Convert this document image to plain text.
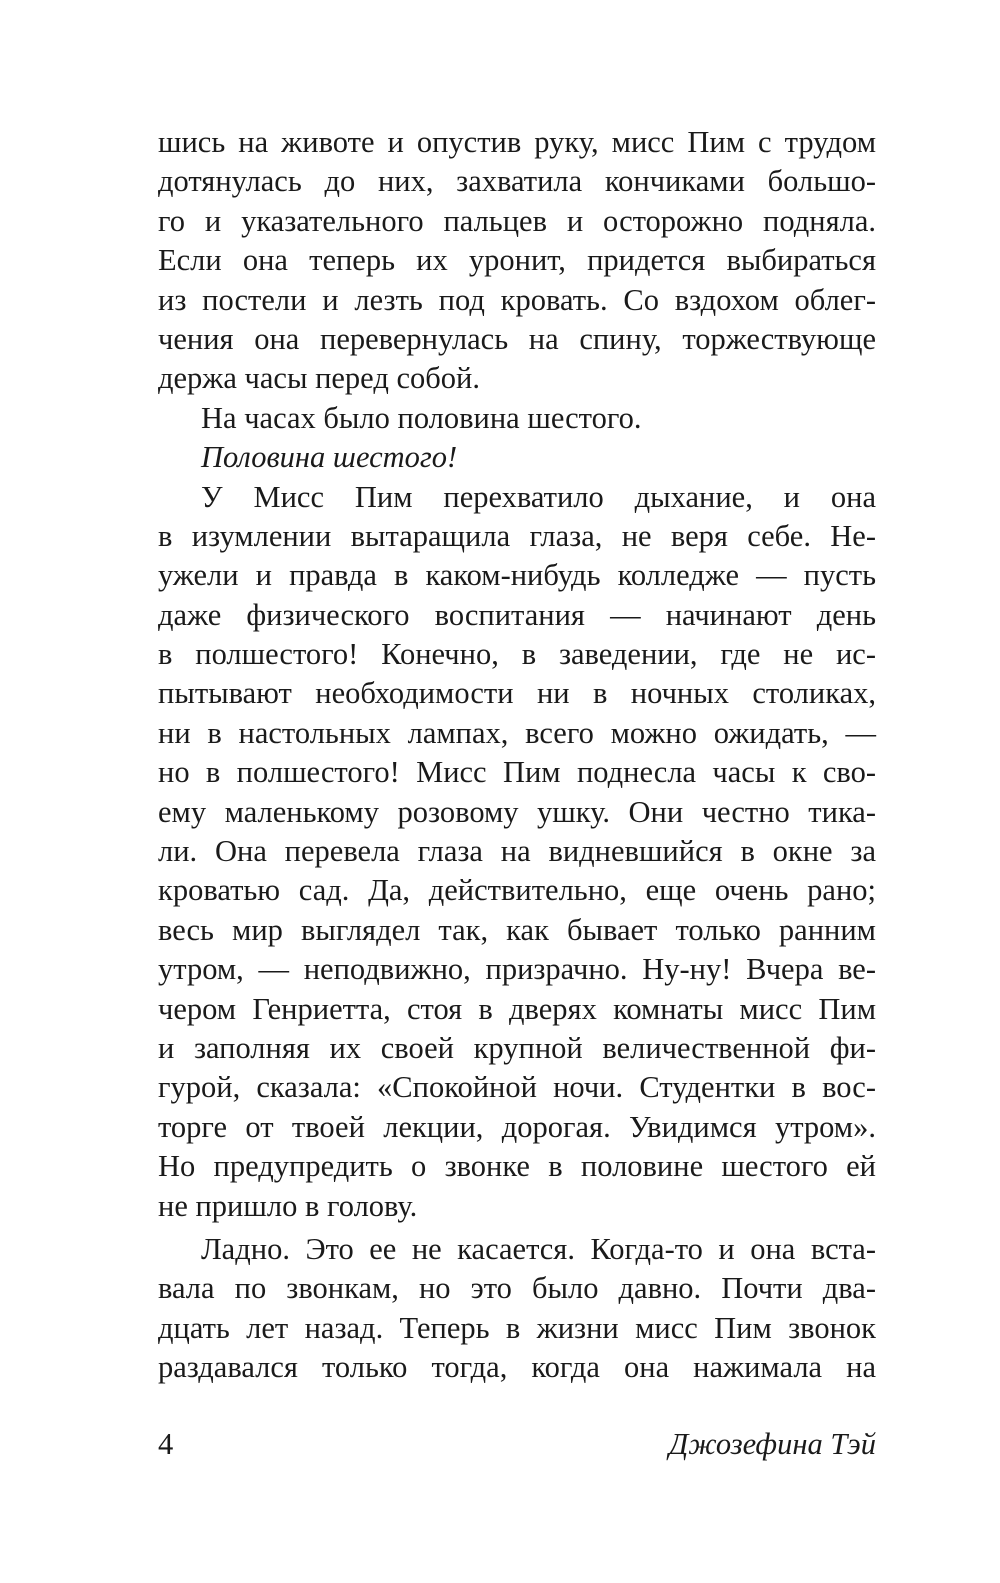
шись на животе и опустив руку, мисс Пим с трудом
дотянулась до них, захватила кончиками большо-
го и указательного пальцев и осторожно подняла.
Если она теперь их уронит, придется выбираться
из постели и лезть под кровать. Со вздохом облег-
чения она перевернулась на спину, торжествующе
держа часы перед собой.
На часах было половина шестого.
Половина шестого!
У Мисс Пим перехватило дыхание, и она
в изумлении вытаращила глаза, не веря себе. Не-
ужели и правда в каком-нибудь колледже — пусть
даже физического воспитания — начинают день
в полшестого! Конечно, в заведении, где не ис-
пытывают необходимости ни в ночных столиках,
ни в настольных лампах, всего можно ожидать, —
но в полшестого! Мисс Пим поднесла часы к сво-
ему маленькому розовому ушку. Они честно тика-
ли. Она перевела глаза на видневшийся в окне за
кроватью сад. Да, действительно, еще очень рано;
весь мир выглядел так, как бывает только ранним
утром, — неподвижно, призрачно. Ну-ну! Вчера ве-
чером Генриетта, стоя в дверях комнаты мисс Пим
и заполняя их своей крупной величественной фи-
гурой, сказала: «Спокойной ночи. Студентки в вос-
торге от твоей лекции, дорогая. Увидимся утром».
Но предупредить о звонке в половине шестого ей
не пришло в голову.
Ладно. Это ее не касается. Когда-то и она вста-
вала по звонкам, но это было давно. Почти два-
дцать лет назад. Теперь в жизни мисс Пим звонок
раздавался только тогда, когда она нажимала на
4	Джозефина Тэй
